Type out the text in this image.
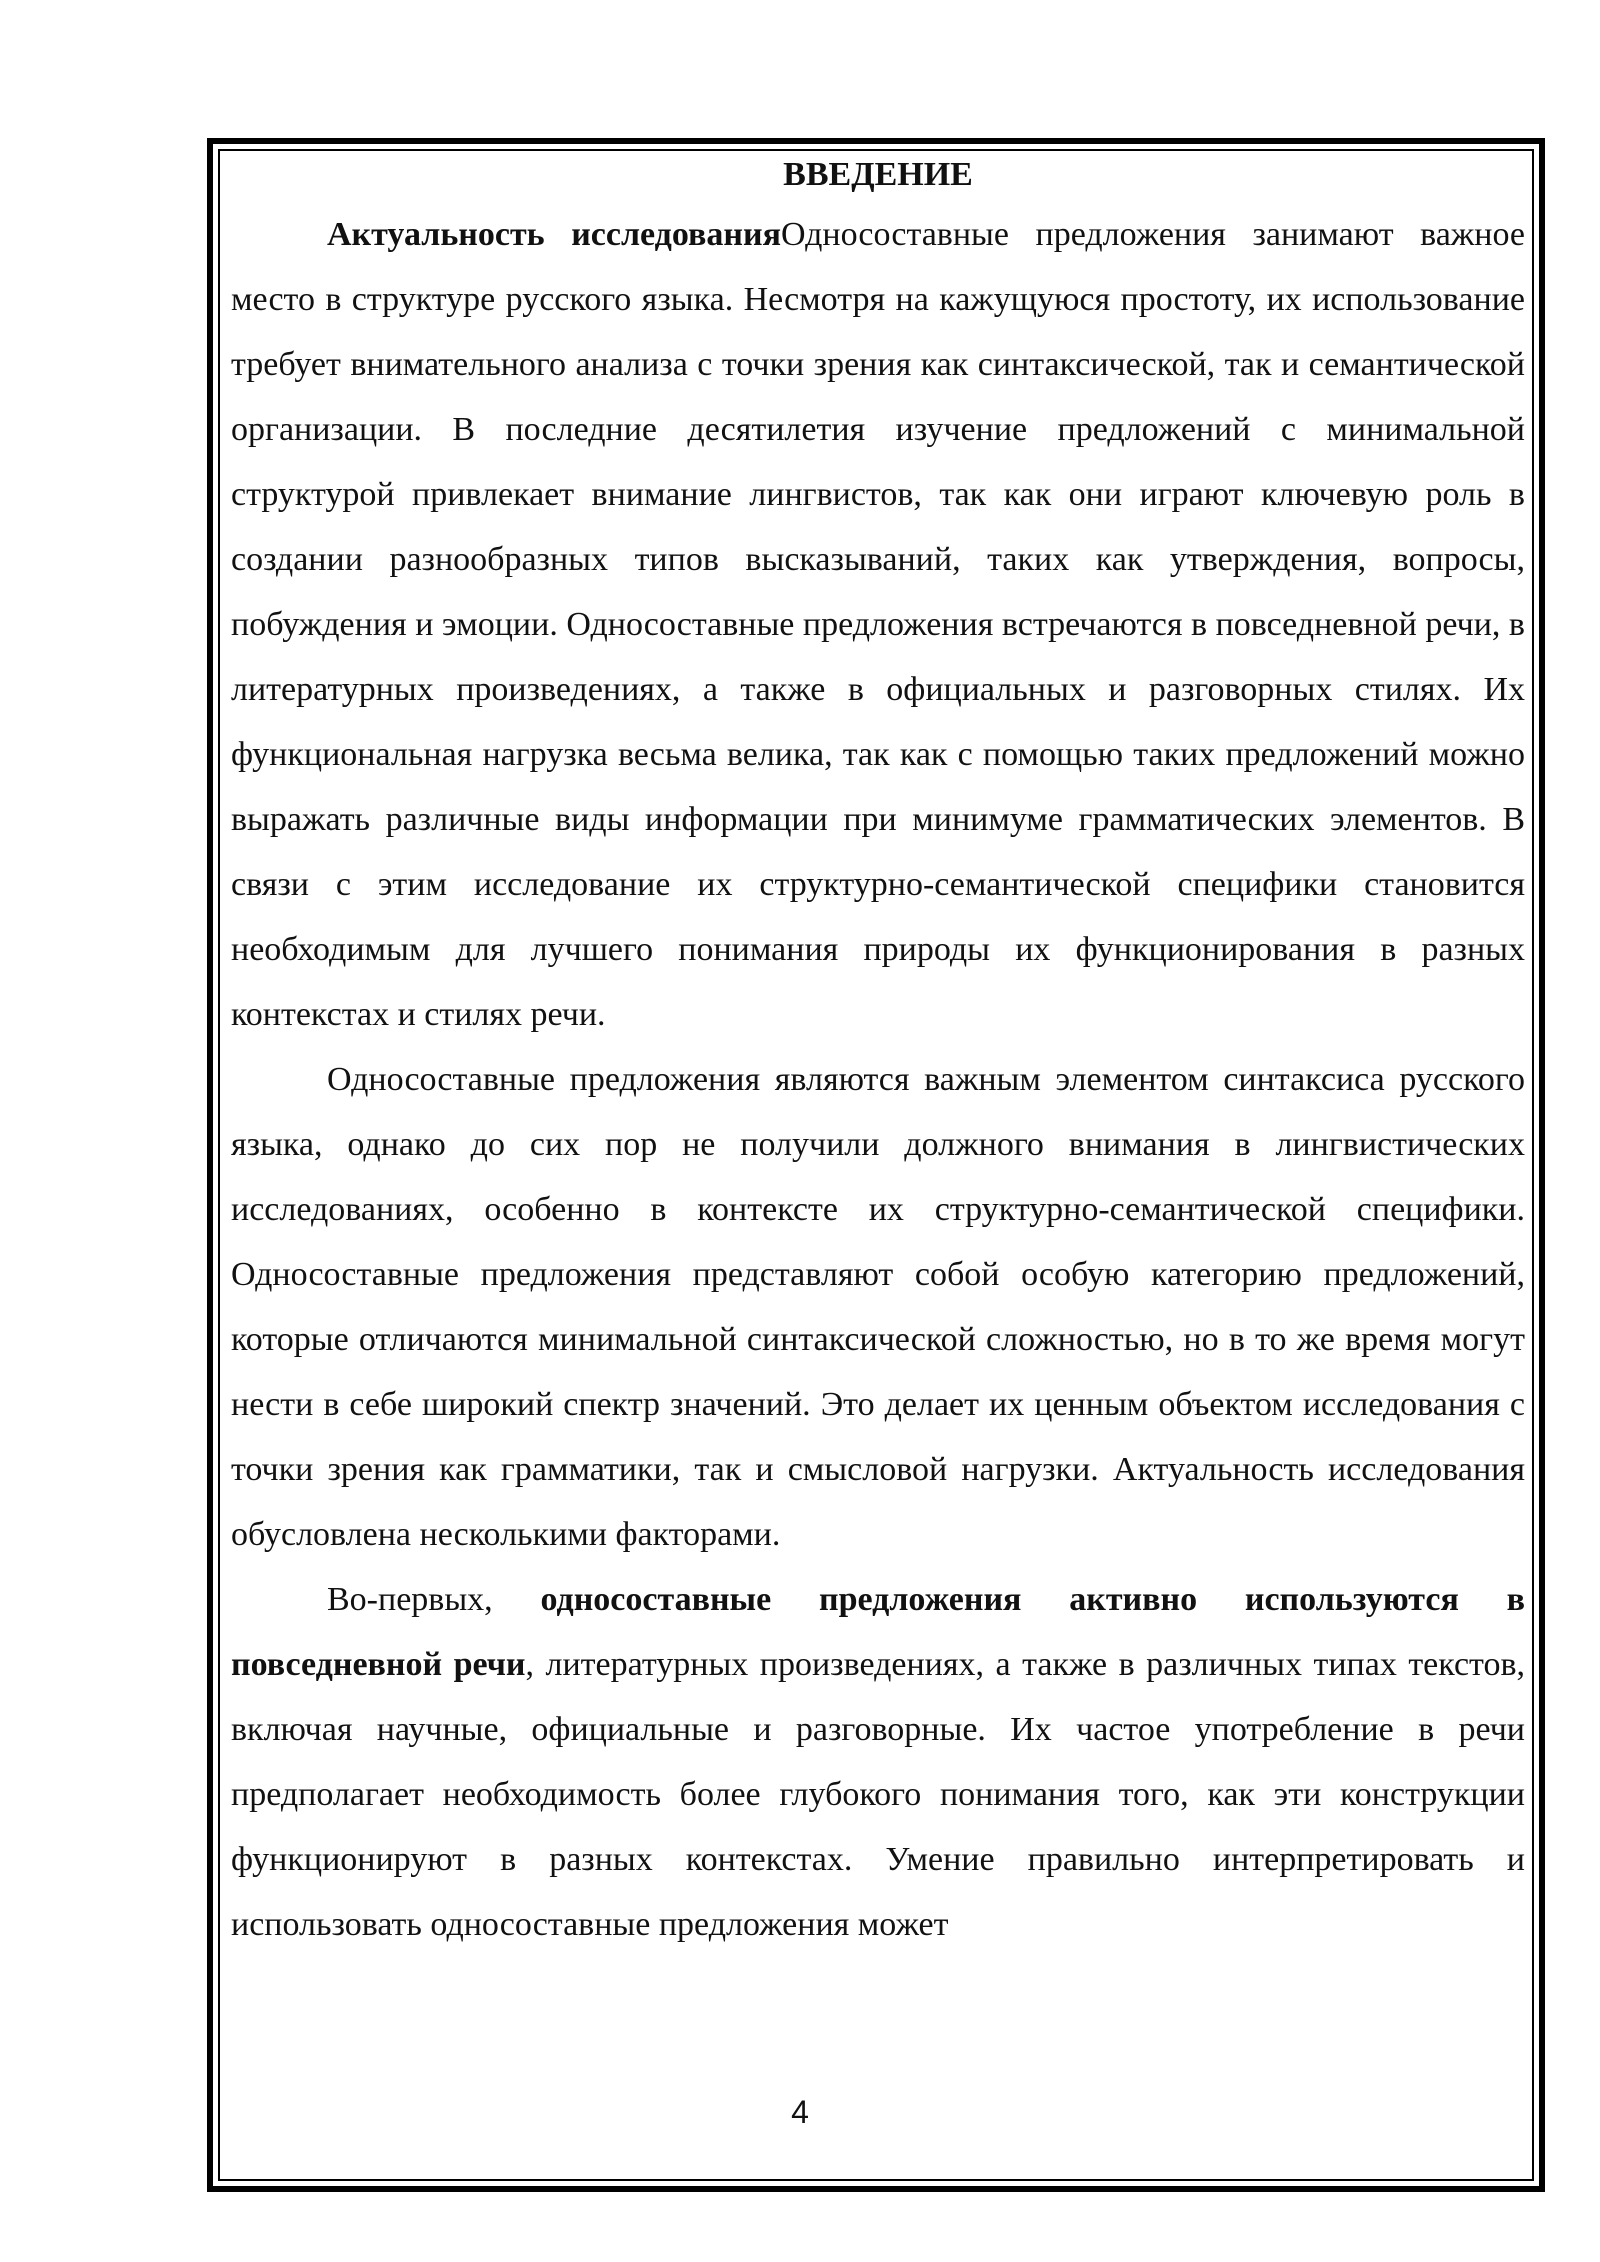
ВВЕДЕНИЕ

Актуальность исследованияОдносоставные предложения занимают важное место в структуре русского языка. Несмотря на кажущуюся простоту, их использование требует внимательного анализа с точки зрения как синтаксической, так и семантической организации. В последние десятилетия изучение предложений с минимальной структурой привлекает внимание лингвистов, так как они играют ключевую роль в создании разнообразных типов высказываний, таких как утверждения, вопросы, побуждения и эмоции. Односоставные предложения встречаются в повседневной речи, в литературных произведениях, а также в официальных и разговорных стилях. Их функциональная нагрузка весьма велика, так как с помощью таких предложений можно выражать различные виды информации при минимуме грамматических элементов. В связи с этим исследование их структурно-семантической специфики становится необходимым для лучшего понимания природы их функционирования в разных контекстах и стилях речи.

Односоставные предложения являются важным элементом синтаксиса русского языка, однако до сих пор не получили должного внимания в лингвистических исследованиях, особенно в контексте их структурно-семантической специфики. Односоставные предложения представляют собой особую категорию предложений, которые отличаются минимальной синтаксической сложностью, но в то же время могут нести в себе широкий спектр значений. Это делает их ценным объектом исследования с точки зрения как грамматики, так и смысловой нагрузки. Актуальность исследования обусловлена несколькими факторами.

Во-первых, односоставные предложения активно используются в повседневной речи, литературных произведениях, а также в различных типах текстов, включая научные, официальные и разговорные. Их частое употребление в речи предполагает необходимость более глубокого понимания того, как эти конструкции функционируют в разных контекстах. Умение правильно интерпретировать и использовать односоставные предложения может

4
